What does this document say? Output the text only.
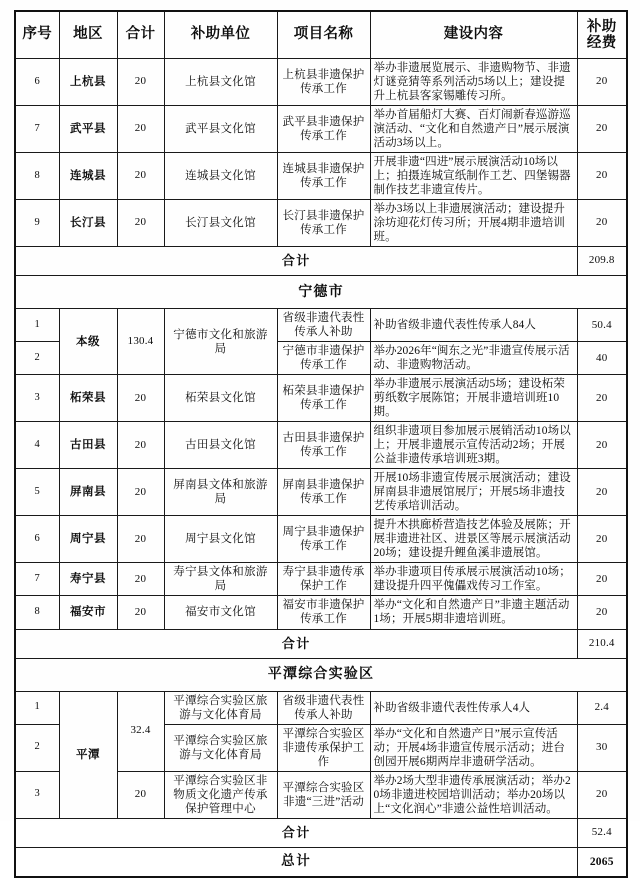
序号	地区	合计	补助单位	项目名称	建设内容	补助
经费
6	上杭县	20	上杭县文化馆	上杭县非遗保护传承工作	举办非遗展览展示、非遗购物节、非遗灯谜竞猜等系列活动5场以上；建设提升上杭县客家锡雕传习所。	20
7	武平县	20	武平县文化馆	武平县非遗保护传承工作	举办首届船灯大赛、百灯闹新春巡游巡演活动、“文化和自然遗产日”展示展演活动3场以上。	20
8	连城县	20	连城县文化馆	连城县非遗保护传承工作	开展非遗“四进”展示展演活动10场以上；拍摄连城宣纸制作工艺、四堡锡器制作技艺非遗宣传片。	20
9	长汀县	20	长汀县文化馆	长汀县非遗保护传承工作	举办3场以上非遗展演活动；建设提升涂坊迎花灯传习所；开展4期非遗培训班。	20
合计						209.8
宁德市						
1	本级	130.4	宁德市文化和旅游局	省级非遗代表性传承人补助	补助省级非遗代表性传承人84人	50.4
2				宁德市非遗保护传承工作	举办2026年“闽东之光”非遗宣传展示活动、非遗购物活动。	40
3	柘荣县	20	柘荣县文化馆	柘荣县非遗保护传承工作	举办非遗展示展演活动5场；建设柘荣剪纸数字展陈馆；开展非遗培训班10期。	20
4	古田县	20	古田县文化馆	古田县非遗保护传承工作	组织非遗项目参加展示展销活动10场以上；开展非遗展示宣传活动2场；开展公益非遗传承培训班3期。	20
5	屏南县	20	屏南县文体和旅游局	屏南县非遗保护传承工作	开展10场非遗宣传展示展演活动；建设屏南县非遗展馆展厅；开展5场非遗技艺传承培训活动。	20
6	周宁县	20	周宁县文化馆	周宁县非遗保护传承工作	提升木拱廊桥营造技艺体验及展陈；开展非遗进社区、进景区等展示展演活动20场；建设提升鲤鱼溪非遗展馆。	20
7	寿宁县	20	寿宁县文体和旅游局	寿宁县非遗传承保护工作	举办非遗项目传承展示展演活动10场；建设提升四平傀儡戏传习工作室。	20
8	福安市	20	福安市文化馆	福安市非遗保护传承工作	举办“文化和自然遗产日”非遗主题活动1场；开展5期非遗培训班。	20
合计						210.4
平潭综合实验区						
1	平潭	32.4	平潭综合实验区旅游与文化体育局	省级非遗代表性传承人补助	补助省级非遗代表性传承人4人	2.4
2			平潭综合实验区旅游与文化体育局	平潭综合实验区非遗传承保护工作	举办“文化和自然遗产日”展示宣传活动；开展4场非遗宣传展示活动；进台创园开展6期两岸非遗研学活动。	30
3		20	平潭综合实验区非物质文化遗产传承保护管理中心	平潭综合实验区非遗“三进”活动	举办2场大型非遗传承展演活动；举办20场非遗进校园培训活动；举办20场以上“文化润心”非遗公益性培训活动。	20
合计						52.4
总计						2065
